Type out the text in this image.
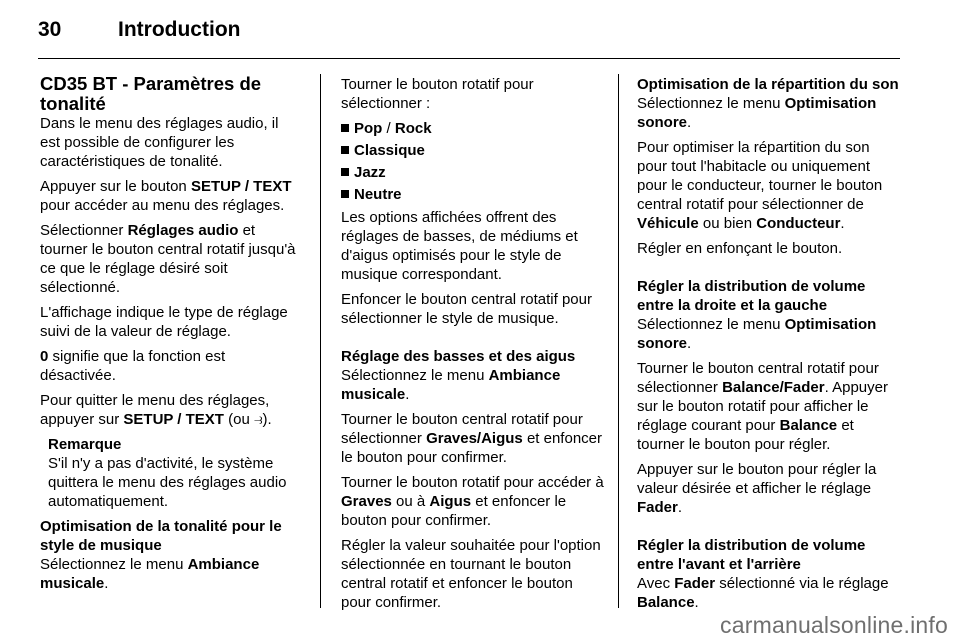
30	Introduction
CD35 BT - Paramètres de tonalité

Dans le menu des réglages audio, il est possible de configurer les caractéristiques de tonalité.

Appuyer sur le bouton SETUP / TEXT pour accéder au menu des réglages.

Sélectionner Réglages audio et tourner le bouton central rotatif jusqu'à ce que le réglage désiré soit sélectionné.

L'affichage indique le type de réglage suivi de la valeur de réglage.

0 signifie que la fonction est désactivée.

Pour quitter le menu des réglages, appuyer sur SETUP / TEXT (ou ⥽).

Remarque

S'il n'y a pas d'activité, le système quittera le menu des réglages audio automatiquement.

Optimisation de la tonalité pour le style de musique

Sélectionnez le menu Ambiance musicale.

Tourner le bouton rotatif pour sélectionner :

Pop / Rock
Classique
Jazz
Neutre

Les options affichées offrent des réglages de basses, de médiums et d'aigus optimisés pour le style de musique correspondant.

Enfoncer le bouton central rotatif pour sélectionner le style de musique.

Réglage des basses et des aigus

Sélectionnez le menu Ambiance musicale.

Tourner le bouton central rotatif pour sélectionner Graves/Aigus et enfoncer le bouton pour confirmer.

Tourner le bouton rotatif pour accéder à Graves ou à Aigus et enfoncer le bouton pour confirmer.

Régler la valeur souhaitée pour l'option sélectionnée en tournant le bouton central rotatif et enfoncer le bouton pour confirmer.

Optimisation de la répartition du son

Sélectionnez le menu Optimisation sonore.

Pour optimiser la répartition du son pour tout l'habitacle ou uniquement pour le conducteur, tourner le bouton central rotatif pour sélectionner de Véhicule ou bien Conducteur.

Régler en enfonçant le bouton.

Régler la distribution de volume entre la droite et la gauche

Sélectionnez le menu Optimisation sonore.

Tourner le bouton central rotatif pour sélectionner Balance/Fader. Appuyer sur le bouton rotatif pour afficher le réglage courant pour Balance et tourner le bouton pour régler.

Appuyer sur le bouton pour régler la valeur désirée et afficher le réglage Fader.

Régler la distribution de volume entre l'avant et l'arrière

Avec Fader sélectionné via le réglage Balance.

carmanualsonline.info
